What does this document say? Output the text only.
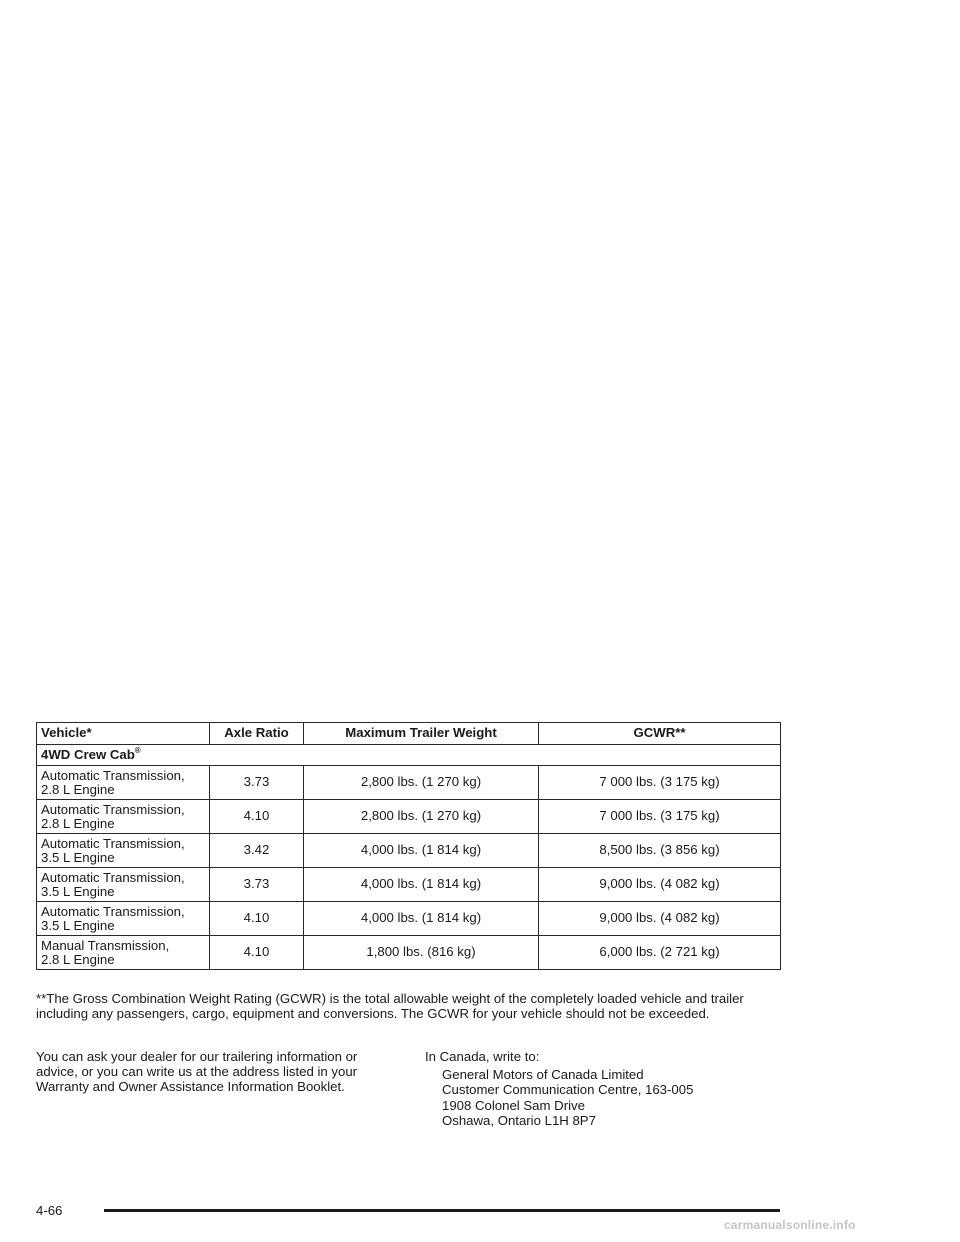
Vehicle*	Axle Ratio	Maximum Trailer Weight	GCWR**
4WD Crew Cab®
Automatic Transmission,
2.8 L Engine	3.73	2,800 lbs. (1 270 kg)	7 000 lbs. (3 175 kg)
Automatic Transmission,
2.8 L Engine	4.10	2,800 lbs. (1 270 kg)	7 000 lbs. (3 175 kg)
Automatic Transmission,
3.5 L Engine	3.42	4,000 lbs. (1 814 kg)	8,500 lbs. (3 856 kg)
Automatic Transmission,
3.5 L Engine	3.73	4,000 lbs. (1 814 kg)	9,000 lbs. (4 082 kg)
Automatic Transmission,
3.5 L Engine	4.10	4,000 lbs. (1 814 kg)	9,000 lbs. (4 082 kg)
Manual Transmission,
2.8 L Engine	4.10	1,800 lbs. (816 kg)	6,000 lbs. (2 721 kg)

**The Gross Combination Weight Rating (GCWR) is the total allowable weight of the completely loaded vehicle and trailer including any passengers, cargo, equipment and conversions. The GCWR for your vehicle should not be exceeded.

You can ask your dealer for our trailering information or advice, or you can write us at the address listed in your Warranty and Owner Assistance Information Booklet.

In Canada, write to:

General Motors of Canada Limited
Customer Communication Centre, 163-005
1908 Colonel Sam Drive
Oshawa, Ontario L1H 8P7
4-66
carmanualsonline.info
